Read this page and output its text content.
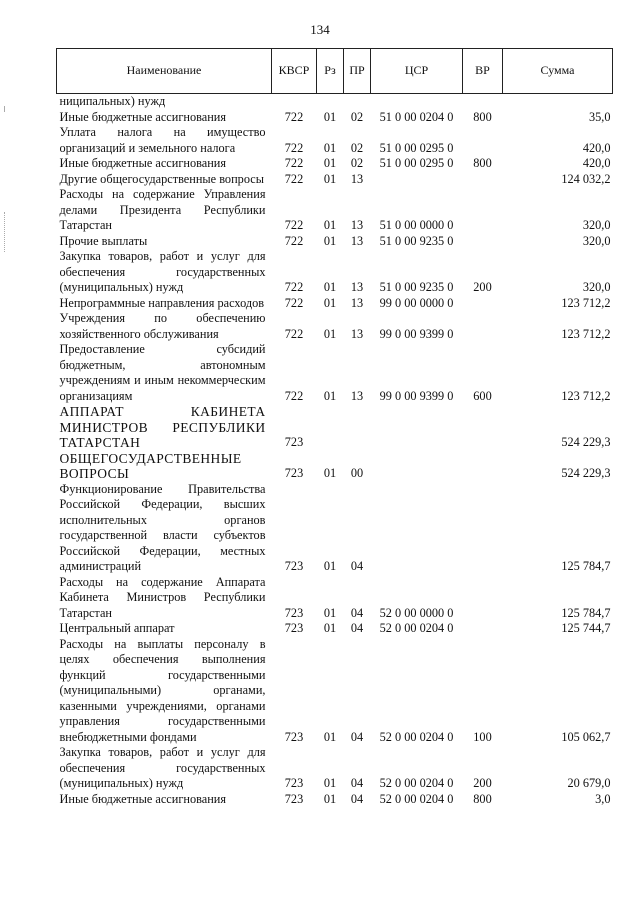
134
Наименование	КВСР	Рз	ПР	ЦСР	ВР	Сумма
ниципальных) нужд						
Иные бюджетные ассигнования	722	01	02	51 0 00 0204 0	800	35,0
Уплата налога на имущество организаций и земельного налога	722	01	02	51 0 00 0295 0		420,0
Иные бюджетные ассигнования	722	01	02	51 0 00 0295 0	800	420,0
Другие общегосударственные вопросы	722	01	13			124 032,2
Расходы на содержание Управления делами Президента Республики Татарстан	722	01	13	51 0 00 0000 0		320,0
Прочие выплаты	722	01	13	51 0 00 9235 0		320,0
Закупка товаров, работ и услуг для обеспечения государственных (муниципальных) нужд	722	01	13	51 0 00 9235 0	200	320,0
Непрограммные направления расходов	722	01	13	99 0 00 0000 0		123 712,2
Учреждения по обеспечению хозяйственного обслуживания	722	01	13	99 0 00 9399 0		123 712,2
Предоставление субсидий бюджетным, автономным учреждениям и иным некоммерческим организациям	722	01	13	99 0 00 9399 0	600	123 712,2
АППАРАТ КАБИНЕТА МИНИСТРОВ РЕСПУБЛИКИ ТАТАРСТАН	723					524 229,3
ОБЩЕГОСУДАРСТВЕННЫЕ ВОПРОСЫ	723	01	00			524 229,3
Функционирование Правительства Российской Федерации, высших исполнительных органов государственной власти субъектов Российской Федерации, местных администраций	723	01	04			125 784,7
Расходы на содержание Аппарата Кабинета Министров Республики Татарстан	723	01	04	52 0 00 0000 0		125 784,7
Центральный аппарат	723	01	04	52 0 00 0204 0		125 744,7
Расходы на выплаты персоналу в целях обеспечения выполнения функций государственными (муниципальными) органами, казенными учреждениями, органами управления государственными внебюджетными фондами	723	01	04	52 0 00 0204 0	100	105 062,7
Закупка товаров, работ и услуг для обеспечения государственных (муниципальных) нужд	723	01	04	52 0 00 0204 0	200	20 679,0
Иные бюджетные ассигнования	723	01	04	52 0 00 0204 0	800	3,0
